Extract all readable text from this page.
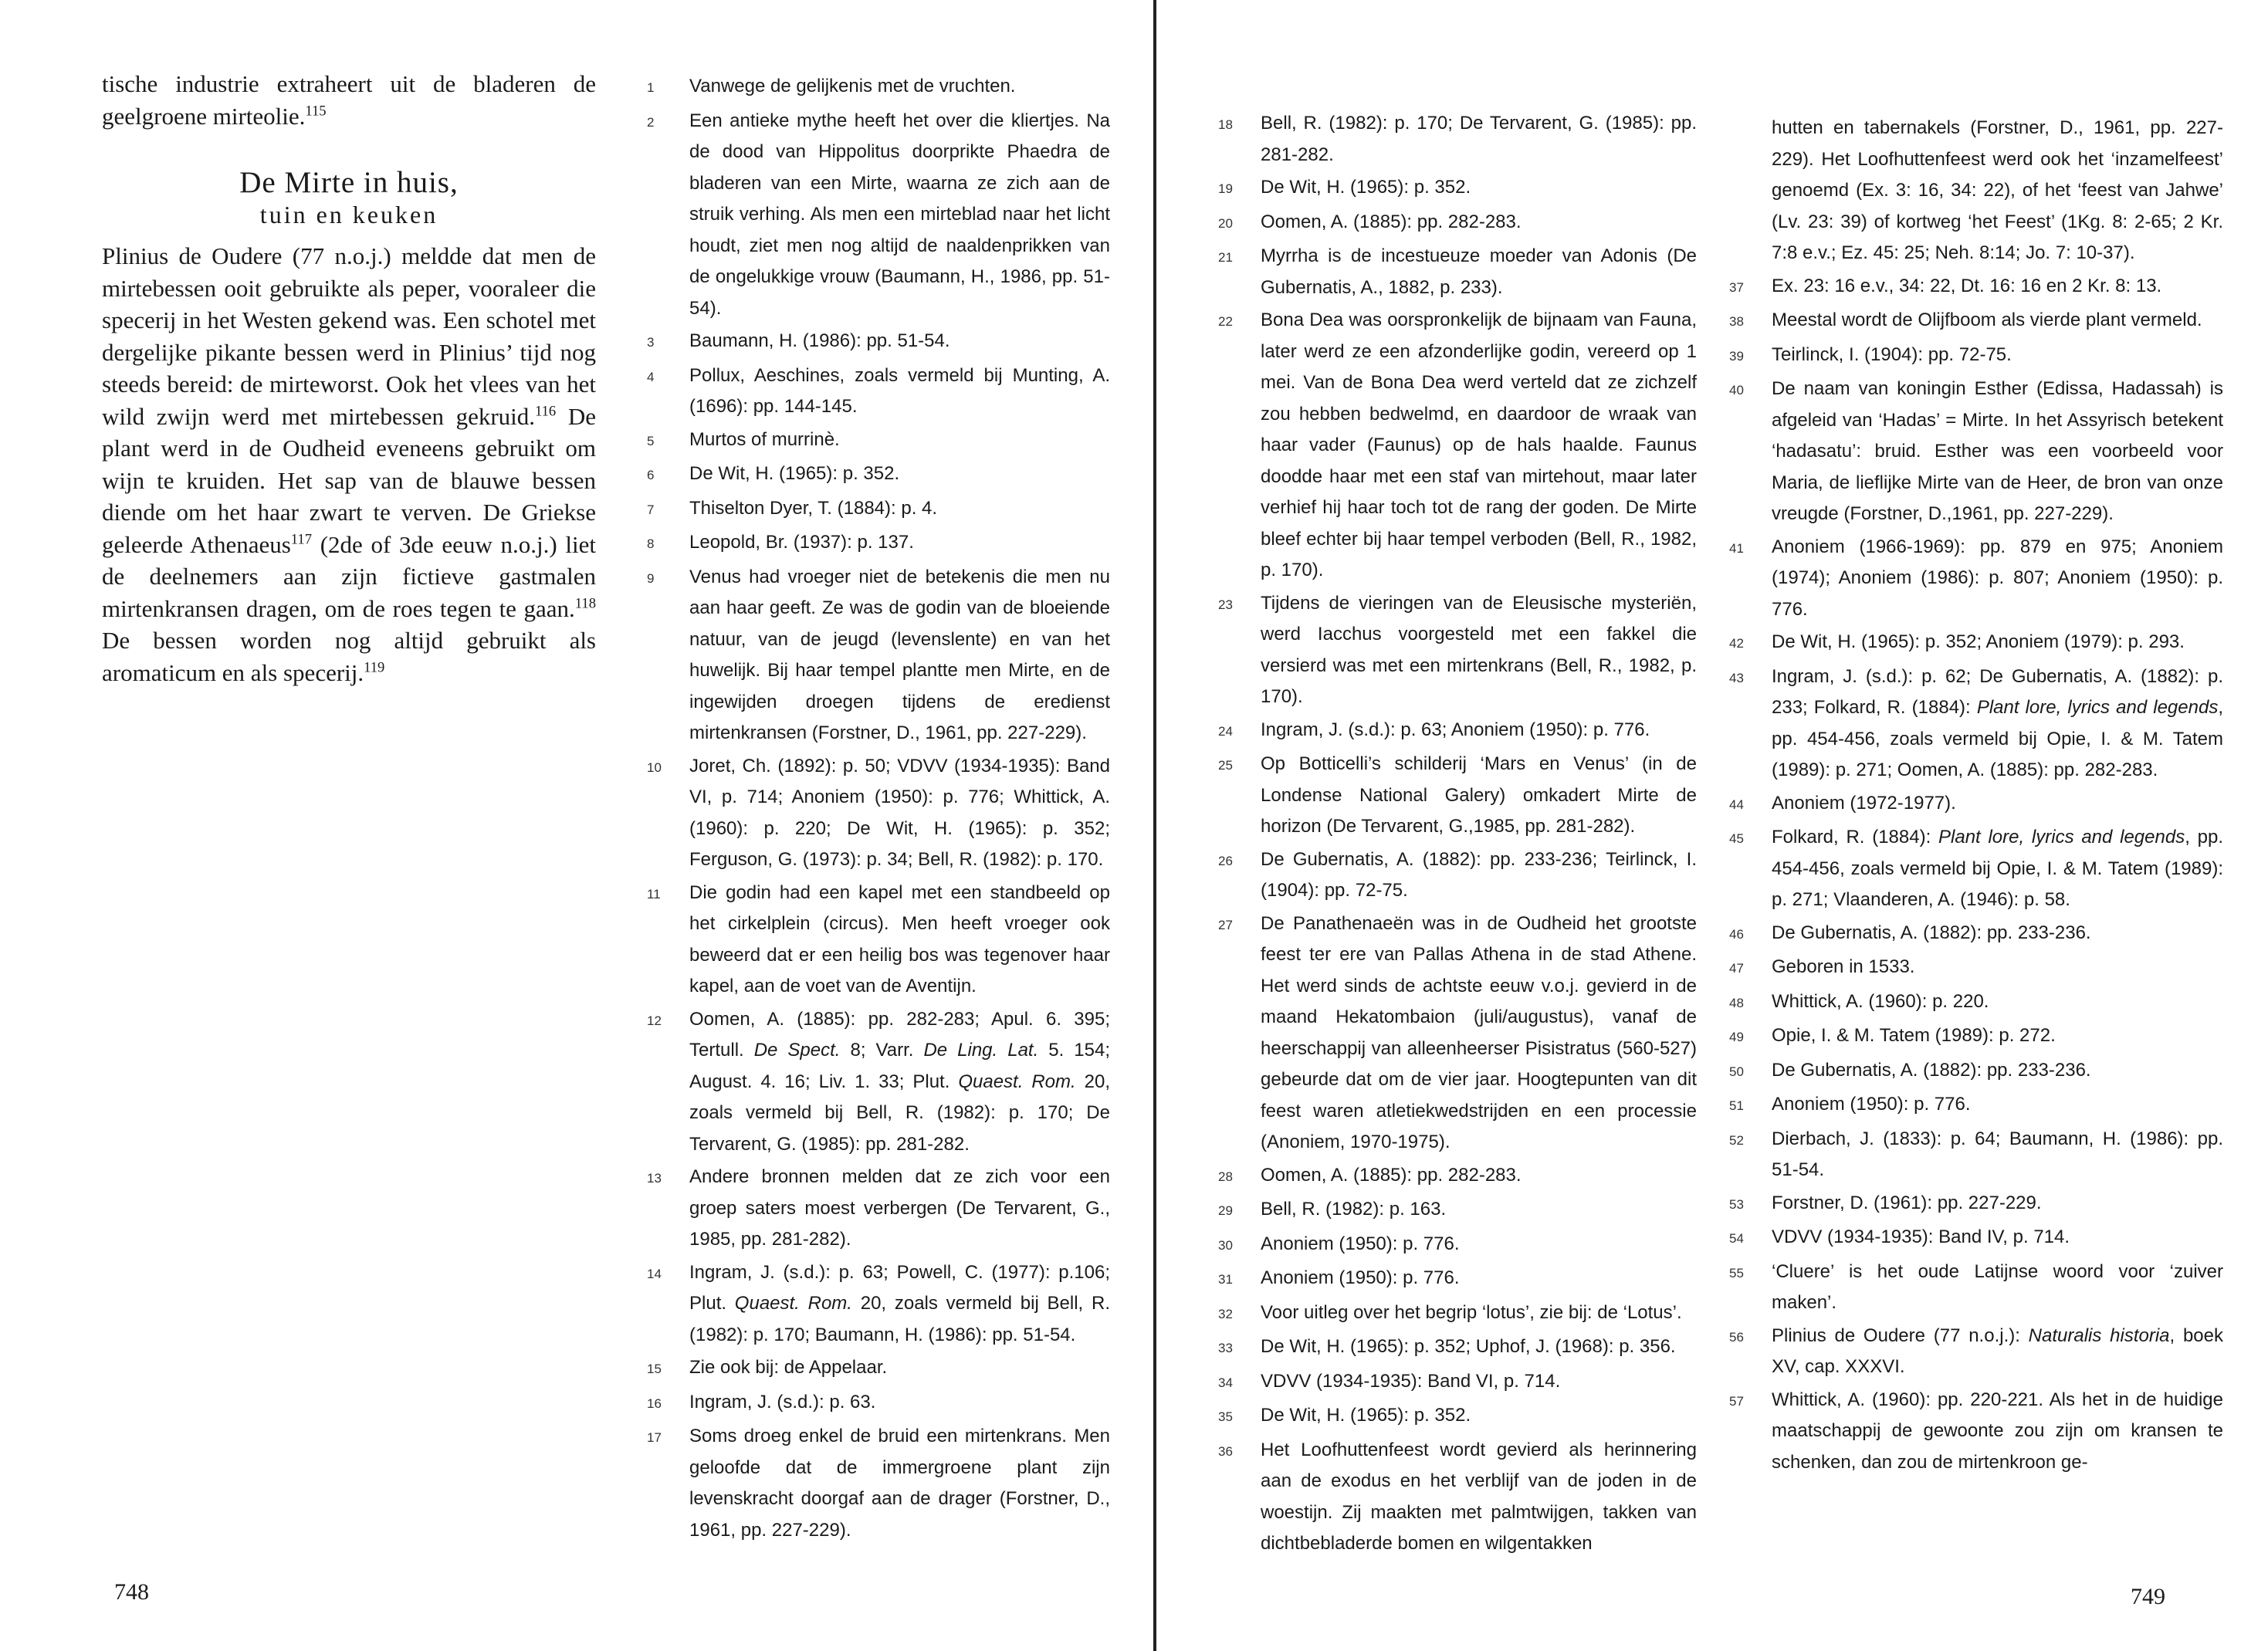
tische industrie extraheert uit de bladeren de geelgroene mirteolie.$^{115}$

De Mirte in huis,
tuin en keuken

Plinius de Oudere (77 n.o.j.) meldde dat men de mirtebessen ooit gebruikte als peper, vooraleer die specerij in het Westen gekend was. Een schotel met dergelijke pikante bessen werd in Plinius’ tijd nog steeds bereid: de mirteworst. Ook het vlees van het wild zwijn werd met mirtebessen gekruid.$^{116}$ De plant werd in de Oudheid eveneens gebruikt om wijn te kruiden. Het sap van de blauwe bessen diende om het haar zwart te verven. De Griekse geleerde Athenaeus$^{117}$ (2de of 3de eeuw n.o.j.) liet de deelnemers aan zijn fictieve gastmalen mirtenkransen dragen, om de roes tegen te gaan.$^{118}$ De bessen worden nog altijd gebruikt als aromaticum en als specerij.$^{119}$

1	Vanwege de gelijkenis met de vruchten.
2	Een antieke mythe heeft het over die kliertjes. Na de dood van Hippolitus doorprikte Phaedra de bladeren van een Mirte, waarna ze zich aan de struik verhing. Als men een mirteblad naar het licht houdt, ziet men nog altijd de naaldenprikken van de ongelukkige vrouw (Baumann, H., 1986, pp. 51-54).
3	Baumann, H. (1986): pp. 51-54.
4	Pollux, Aeschines, zoals vermeld bij Munting, A. (1696): pp. 144-145.
5	Murtos of murrinè.
6	De Wit, H. (1965): p. 352.
7	Thiselton Dyer, T. (1884): p. 4.
8	Leopold, Br. (1937): p. 137.
9	Venus had vroeger niet de betekenis die men nu aan haar geeft. Ze was de godin van de bloeiende natuur, van de jeugd (levenslente) en van het huwelijk. Bij haar tempel plantte men Mirte, en de ingewijden droegen tijdens de eredienst mirtenkransen (Forstner, D., 1961, pp. 227-229).
10	Joret, Ch. (1892): p. 50; VDVV (1934-1935): Band VI, p. 714; Anoniem (1950): p. 776; Whittick, A. (1960): p. 220; De Wit, H. (1965): p. 352; Ferguson, G. (1973): p. 34; Bell, R. (1982): p. 170.
11	Die godin had een kapel met een standbeeld op het cirkelplein (circus). Men heeft vroeger ook beweerd dat er een heilig bos was tegenover haar kapel, aan de voet van de Aventijn.
12	Oomen, A. (1885): pp. 282-283; Apul. 6. 395; Tertull. De Spect. 8; Varr. De Ling. Lat. 5. 154; August. 4. 16; Liv. 1. 33; Plut. Quaest. Rom. 20, zoals vermeld bij Bell, R. (1982): p. 170; De Tervarent, G. (1985): pp. 281-282.
13	Andere bronnen melden dat ze zich voor een groep saters moest verbergen (De Tervarent, G., 1985, pp. 281-282).
14	Ingram, J. (s.d.): p. 63; Powell, C. (1977): p.106; Plut. Quaest. Rom. 20, zoals vermeld bij Bell, R. (1982): p. 170; Baumann, H. (1986): pp. 51-54.
15	Zie ook bij: de Appelaar.
16	Ingram, J. (s.d.): p. 63.
17	Soms droeg enkel de bruid een mirtenkrans. Men geloofde dat de immergroene plant zijn levenskracht doorgaf aan de drager (Forstner, D., 1961, pp. 227-229).
748
18	Bell, R. (1982): p. 170; De Tervarent, G. (1985): pp. 281-282.
19	De Wit, H. (1965): p. 352.
20	Oomen, A. (1885): pp. 282-283.
21	Myrrha is de incestueuze moeder van Adonis (De Gubernatis, A., 1882, p. 233).
22	Bona Dea was oorspronkelijk de bijnaam van Fauna, later werd ze een afzonderlijke godin, vereerd op 1 mei. Van de Bona Dea werd verteld dat ze zichzelf zou hebben bedwelmd, en daardoor de wraak van haar vader (Faunus) op de hals haalde. Faunus doodde haar met een staf van mirtehout, maar later verhief hij haar toch tot de rang der goden. De Mirte bleef echter bij haar tempel verboden (Bell, R., 1982, p. 170).
23	Tijdens de vieringen van de Eleusische mysteriën, werd Iacchus voorgesteld met een fakkel die versierd was met een mirtenkrans (Bell, R., 1982, p. 170).
24	Ingram, J. (s.d.): p. 63; Anoniem (1950): p. 776.
25	Op Botticelli’s schilderij ‘Mars en Venus’ (in de Londense National Galery) omkadert Mirte de horizon (De Tervarent, G.,1985, pp. 281-282).
26	De Gubernatis, A. (1882): pp. 233-236; Teirlinck, I. (1904): pp. 72-75.
27	De Panathenaeën was in de Oudheid het grootste feest ter ere van Pallas Athena in de stad Athene. Het werd sinds de achtste eeuw v.o.j. gevierd in de maand Hekatombaion (juli/augustus), vanaf de heerschappij van alleenheerser Pisistratus (560-527) gebeurde dat om de vier jaar. Hoogtepunten van dit feest waren atletiekwedstrijden en een processie (Anoniem, 1970-1975).
28	Oomen, A. (1885): pp. 282-283.
29	Bell, R. (1982): p. 163.
30	Anoniem (1950): p. 776.
31	Anoniem (1950): p. 776.
32	Voor uitleg over het begrip ‘lotus’, zie bij: de ‘Lotus’.
33	De Wit, H. (1965): p. 352; Uphof, J. (1968): p. 356.
34	VDVV (1934-1935): Band VI, p. 714.
35	De Wit, H. (1965): p. 352.
36	Het Loofhuttenfeest wordt gevierd als herinnering aan de exodus en het verblijf van de joden in de woestijn. Zij maakten met palmtwijgen, takken van dichtbebladerde bomen en wilgentakken
hutten en tabernakels (Forstner, D., 1961, pp. 227-229). Het Loofhuttenfeest werd ook het ‘inzamelfeest’ genoemd (Ex. 3: 16, 34: 22), of het ‘feest van Jahwe’ (Lv. 23: 39) of kortweg ‘het Feest’ (1Kg. 8: 2-65; 2 Kr. 7:8 e.v.; Ez. 45: 25; Neh. 8:14; Jo. 7: 10-37).
37	Ex. 23: 16 e.v., 34: 22, Dt. 16: 16 en 2 Kr. 8: 13.
38	Meestal wordt de Olijfboom als vierde plant vermeld.
39	Teirlinck, I. (1904): pp. 72-75.
40	De naam van koningin Esther (Edissa, Hadassah) is afgeleid van ‘Hadas’ = Mirte. In het Assyrisch betekent ‘hadasatu’: bruid. Esther was een voorbeeld voor Maria, de lieflijke Mirte van de Heer, de bron van onze vreugde (Forstner, D.,1961, pp. 227-229).
41	Anoniem (1966-1969): pp. 879 en 975; Anoniem (1974); Anoniem (1986): p. 807; Anoniem (1950): p. 776.
42	De Wit, H. (1965): p. 352; Anoniem (1979): p. 293.
43	Ingram, J. (s.d.): p. 62; De Gubernatis, A. (1882): p. 233; Folkard, R. (1884): Plant lore, lyrics and legends, pp. 454-456, zoals vermeld bij Opie, I. & M. Tatem (1989): p. 271; Oomen, A. (1885): pp. 282-283.
44	Anoniem (1972-1977).
45	Folkard, R. (1884): Plant lore, lyrics and legends, pp. 454-456, zoals vermeld bij Opie, I. & M. Tatem (1989): p. 271; Vlaanderen, A. (1946): p. 58.
46	De Gubernatis, A. (1882): pp. 233-236.
47	Geboren in 1533.
48	Whittick, A. (1960): p. 220.
49	Opie, I. & M. Tatem (1989): p. 272.
50	De Gubernatis, A. (1882): pp. 233-236.
51	Anoniem (1950): p. 776.
52	Dierbach, J. (1833): p. 64; Baumann, H. (1986): pp. 51-54.
53	Forstner, D. (1961): pp. 227-229.
54	VDVV (1934-1935): Band IV, p. 714.
55	‘Cluere’ is het oude Latijnse woord voor ‘zuiver maken’.
56	Plinius de Oudere (77 n.o.j.): Naturalis historia, boek XV, cap. XXXVI.
57	Whittick, A. (1960): pp. 220-221. Als het in de huidige maatschappij de gewoonte zou zijn om kransen te schenken, dan zou de mirtenkroon ge-
749
